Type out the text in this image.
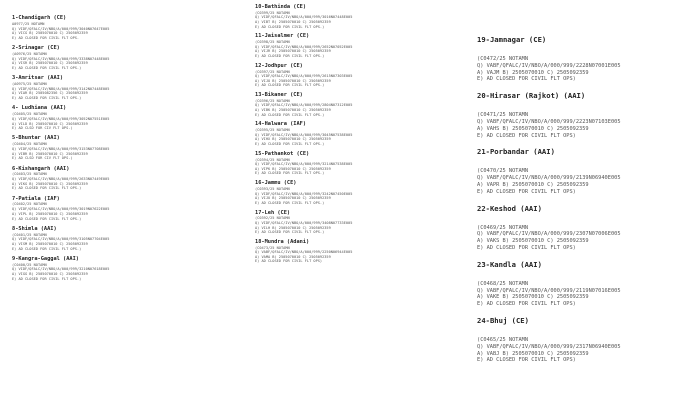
1-Chandigarh (CE)
A0977/25 NOTAMN
Q) VIDF/QFALC/IV/NBO/A/000/999/3040N07647E005
A) VICG B) 2505070010 C) 2505092359
E) AD CLOSED FOR CIVIL FLT OPS.
2-Srinagar (CE)
(A0976/25 NOTAMN
Q) VIDF/QFALC/IV/NBO/A/000/999/3338N07448E005
A) VISR B) 2505070010 C) 2505092359
E) AD CLOSED FOR CIVIL FLT OPS.)
3-Amritsar (AAI)
(A0975/25 NOTAMN
Q) VIDF/QFALC/IV/NBO/A/000/999/3142N07448E005
A) VIAR B) 2505082356 C) 2505092359
E) AD CLOSED FOR CIVIL FLT OPS.)
4- Ludhiana (AAI)
(C0405/25 NOTAMN
Q) VIDF/QFALC/IV/NBO/A/000/999/3052N07551E005
A) VILD B) 2505070010 C) 2505092359
E) AD CLSD FOR CIV FLT OPS.)
5-Bhuntar (AAI)
(C0404/25 NOTAMN
Q) VIDF/QFALC/IV/NBO/A/000/999/3153N07708E005
A) VIBR B) 2505070010 C) 2505092359
E) AD CLSD FOR CIV FLT OPS.)
6-Kishangarh (AAI)
(C0403/25 NOTAMN
Q) VIDF/QFALC/IV/NBO/A/000/999/2633N07449E005
A) VIKG B) 2505070010 C) 2505092359
E) AD CLOSED FOR CIVIL FLT OPS.)
7-Patiala (IAF)
(C0402/25 NOTAMN
Q) VIDF/QFALC/IV/NBO/A/000/999/3019N07622E005
A) VIPL B) 2505070010 C) 2505092359
E) AD CLOSED FOR CIVIL FLT OPS.)
8-Shimla (AAI)
(C0401/25 NOTAMN
Q) VIDF/QFALC/IV/NBO/A/000/999/3105N07704E005
A) VISM B) 2505070010 C) 2505092359
E) AD CLOSED FOR CIVIL FLT OPS.)
9-Kangra-Gaggal (AAI)
(C0400/25 NOTAMN
Q) VIDF/QFALC/IV/NBO/A/000/999/3210N07618E005
A) VIGG B) 2505070010 C) 2505092359
E) AD CLOSED FOR CIVIL FLT OPS.)
10-Bathinda (CE)
(C0399/25 NOTAMN
Q) VIDF/QFALC/IV/NBO/A/000/999/3016N07448E005
A) VIBT B) 2505070010 C) 2505092359
E) AD CLOSED FOR CIVIL FLT OPS.)
11-Jaisalmer (CE)
(C0398/25 NOTAMN
Q) VIDF/QFALC/IV/NBO/A/000/999/2652N07052E005
A) VIJR B) 2505070010 C) 2505092359
E) AD CLOSED FOR CIVIL FLT OPS.)
12-Jodhpur (CE)
(C0397/25 NOTAMN
Q) VIDF/QFALC/IV/NBO/A/000/999/2615N07303E005
A) VIJO B) 2505070010 C) 2505092359
E) AD CLOSED FOR CIVIL FLT OPS.)
13-Bikaner (CE)
(C0396/25 NOTAMN
Q) VIDF/QFALC/IV/NBO/A/000/999/2804N07312E005
A) VIBK B) 2505070010 C) 2505092359
E) AD CLOSED FOR CIVIL FLT OPS.)
14-Halwara (IAF)
(C0395/25 NOTAMN
Q) VIDF/QFALC/IV/NBO/A/000/999/3045N07538E005
A) VIHX B) 2505070010 C) 2505092359
E) AD CLOSED FOR CIVIL FLT OPS.)
15-Pathankot (CE)
(C0394/25 NOTAMN
Q) VIDF/QFALC/IV/NBO/A/000/999/3214N07538E005
A) VIPK B) 2505070010 C) 2505092359
E) AD CLOSED FOR CIVIL FLT OPS.)
16-Jammu (CE)
(C0393/25 NOTAMN
Q) VIDF/QFALC/IV/NBO/A/000/999/3242N07450E005
A) VIJU B) 2505070010 C) 2505092359
E) AD CLOSED FOR CIVIL FLT OPS.)
17-Leh (CE)
(C0392/25 NOTAMN
Q) VIDF/QFALC/IV/NBO/A/000/999/3408N07733E005
A) VILH B) 2505070010 C) 2505092359
E) AD CLOSED FOR CIVIL FLT OPS.)
18-Mundra (Adani)
(C0473/25 NOTAMN
Q) VABF/QFALC/IV/NBO/A/000/999/2250N06944E005
A) VAMA B) 2505070010 C) 2505092359
E) AD CLOSED FOR CIVIL FLT OPS)
19-Jamnagar (CE)
(C0472/25 NOTAMN
Q) VABF/QFALC/IV/NBO/A/000/999/2228N07001E005
A) VAJM B) 2505070010 C) 2505092359
E) AD CLOSED FOR CIVIL FLT OPS)
20-Hirasar (Rajkot) (AAI)
(C0471/25 NOTAMN
Q) VABF/QFALC/IV/NBO/A/000/999/2223N07103E005
A) VAHS B) 2505070010 C) 2505092359
E) AD CLOSED FOR CIVIL FLT OPS)
21-Porbandar (AAI)
(C0470/25 NOTAMN
Q) VABF/QFALC/IV/NBO/A/000/999/2139N06940E005
A) VAPR B) 2505070010 C) 2505092359
E) AD CLOSED FOR CIVIL FLT OPS)
22-Keshod (AAI)
(C0469/25 NOTAMN
Q) VABF/QFALC/IV/NBO/A/000/999/2307N07006E005
A) VAKS B) 2505070010 C) 2505092359
E) AD CLOSED FOR CIVIL FLT OPS)
23-Kandla (AAI)
(C0468/25 NOTAMN
Q) VABF/QFALC/IV/NBO/A/000/999/2119N07016E005
A) VAKE B) 2505070010 C) 2505092359
E) AD CLOSED FOR CIVIL FLT OPS)
24-Bhuj (CE)
(C0465/25 NOTAMN
Q) VABF/QFALC/IV/NBO/A/000/999/2317N06940E005
A) VABJ B) 2505070010 C) 2505092359
E) AD CLOSED FOR CIVIL FLT OPS)
